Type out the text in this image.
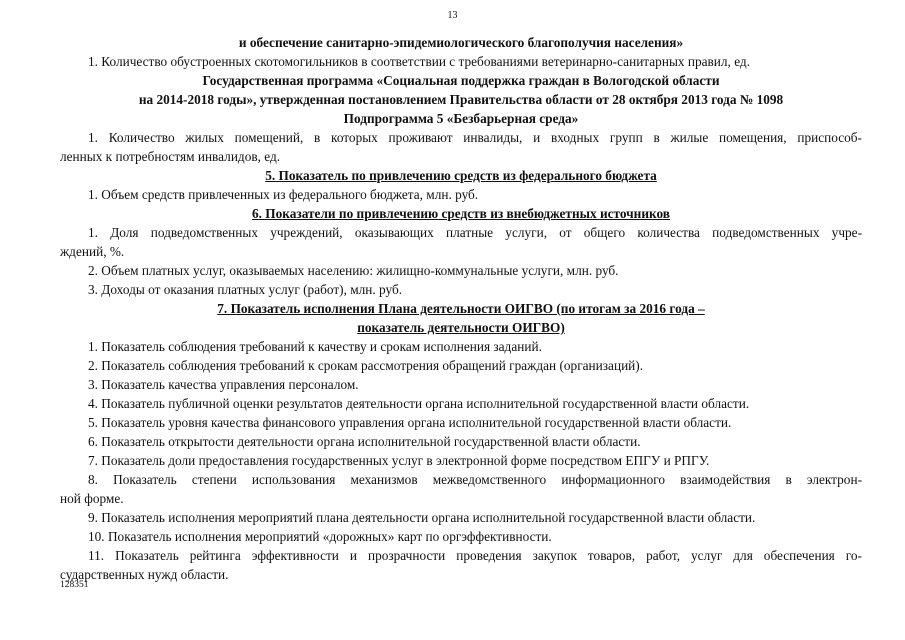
13
и обеспечение санитарно-эпидемиологического благополучия населения»
1. Количество обустроенных скотомогильников в соответствии с требованиями ветеринарно-санитарных правил, ед.
Государственная программа «Социальная поддержка граждан в Вологодской области
на 2014-2018 годы», утвержденная постановлением Правительства области от 28 октября 2013 года № 1098
Подпрограмма 5 «Безбарьерная среда»
1. Количество жилых помещений, в которых проживают инвалиды, и входных групп в жилые помещения, приспособ-
ленных к потребностям инвалидов, ед.
5. Показатель по привлечению средств из федерального бюджета
1. Объем средств привлеченных из федерального бюджета, млн. руб.
6. Показатели по привлечению средств из внебюджетных источников
1. Доля подведомственных учреждений, оказывающих платные услуги, от общего количества подведомственных учре-
ждений, %.
2. Объем платных услуг, оказываемых населению: жилищно-коммунальные услуги, млн. руб.
3. Доходы от оказания платных услуг (работ), млн. руб.
7. Показатель исполнения Плана деятельности ОИГВО (по итогам за 2016 года –
показатель деятельности ОИГВО)
1. Показатель соблюдения требований к качеству и срокам исполнения заданий.
2. Показатель соблюдения требований к срокам рассмотрения обращений граждан (организаций).
3. Показатель качества управления персоналом.
4. Показатель публичной оценки результатов деятельности органа исполнительной государственной власти области.
5. Показатель уровня качества финансового управления органа исполнительной государственной власти области.
6. Показатель открытости деятельности органа исполнительной государственной власти области.
7. Показатель доли предоставления государственных услуг в электронной форме посредством ЕПГУ и РПГУ.
8. Показатель степени использования механизмов межведомственного информационного взаимодействия в электрон-
ной форме.
9. Показатель исполнения мероприятий плана деятельности органа исполнительной государственной власти области.
10. Показатель исполнения мероприятий «дорожных» карт по оргэффективности.
11. Показатель рейтинга эффективности и прозрачности проведения закупок товаров, работ, услуг для обеспечения го-
сударственных нужд области.
128351
